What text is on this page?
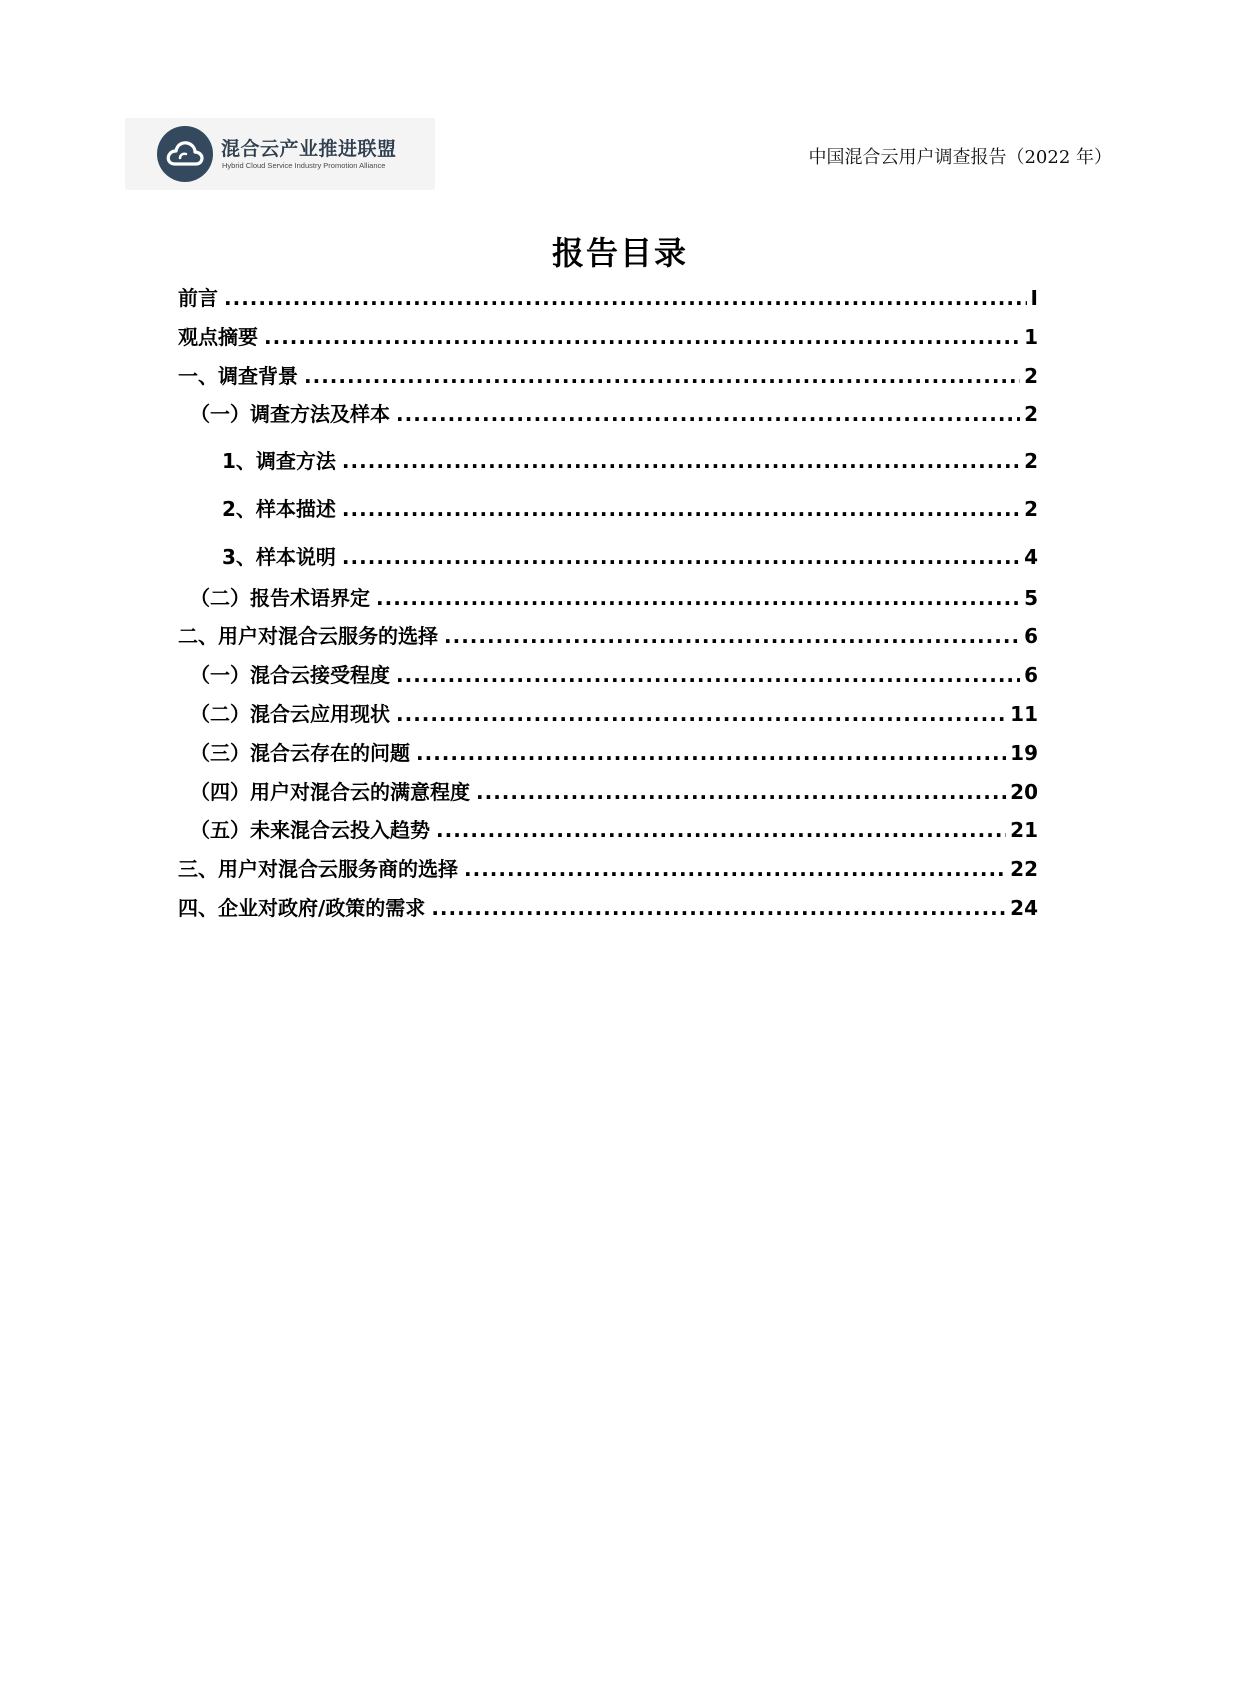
混合云产业推进联盟
Hybrid Cloud Service Industry Promotion Alliance	中国混合云用户调查报告（2022 年）
报告目录
前言 .....	I
观点摘要 .....	1
一、调查背景 .....	2
（一）调查方法及样本 .....	2
1、调查方法 .....	2
2、样本描述 .....	2
3、样本说明 .....	4
（二）报告术语界定 .....	5
二、用户对混合云服务的选择 .....	6
（一）混合云接受程度 .....	6
（二）混合云应用现状 .....	11
（三）混合云存在的问题 .....	19
（四）用户对混合云的满意程度 .....	20
（五）未来混合云投入趋势 .....	21
三、用户对混合云服务商的选择 .....	22
四、企业对政府/政策的需求 .....	24
